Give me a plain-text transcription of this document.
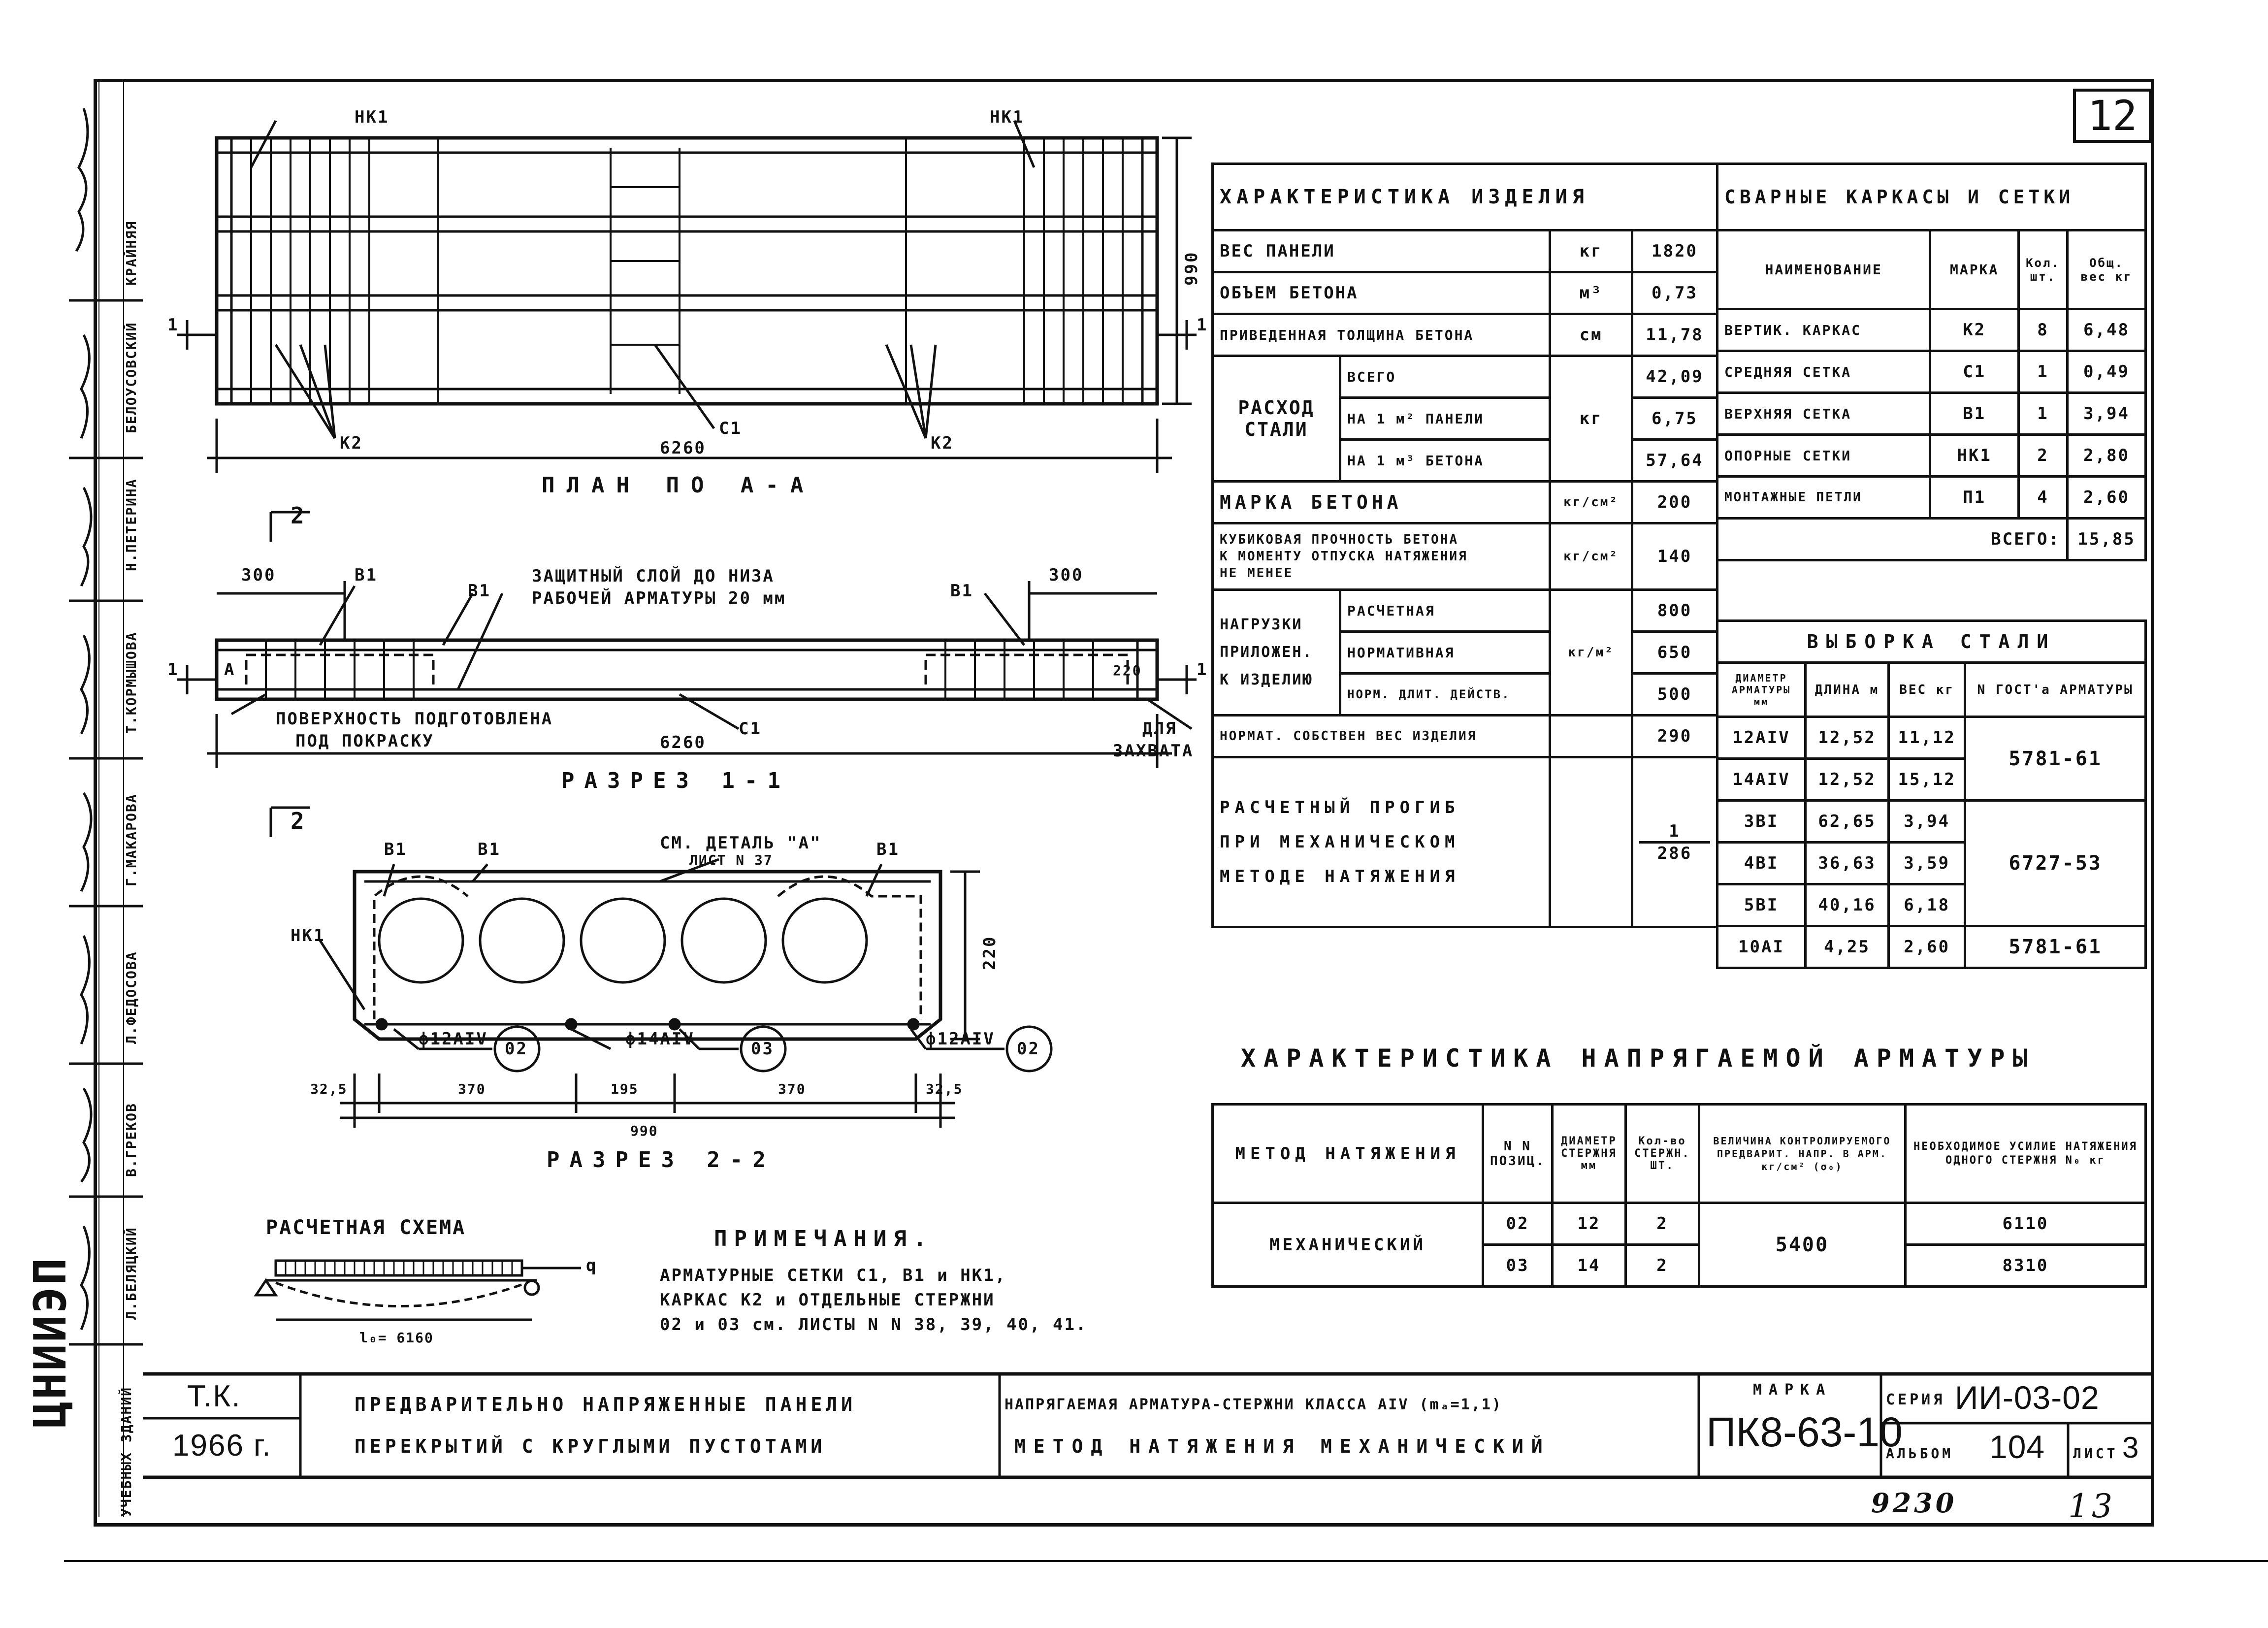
12
ЦНИИЭП
УЧЕБНЫХ ЗДАНИЙ
КРАЙНЯЯ
БЕЛОУСОВСКИЙ
Н.ПЕТЕРИНА
Т.КОРМЫШОВА
Г.МАКАРОВА
Л.ФЕДОСОВА
В.ГРЕКОВ
Л.БЕЛЯЦКИЙ
НК1	НК1
К2	К2
С1
6260
990
1	1
ПЛАН ПО А-А
2
300	300
В1
В1	В1
ЗАЩИТНЫЙ СЛОЙ ДО НИЗА
РАБОЧЕЙ АРМАТУРЫ 20 мм
А
1	1
220
ПОВЕРХНОСТЬ ПОДГОТОВЛЕНА
ПОД ПОКРАСКУ
С1	ДЛЯ
ЗАХВАТА
6260
РАЗРЕЗ 1-1
2
В1	В1	В1
СМ. ДЕТАЛЬ "А"
ЛИСТ N 37
НК1	220
ф12АIV	ф14АIV	ф12АIV
02	03	02
32,5	370	195	370	32,5
990
РАЗРЕЗ 2-2
РАСЧЕТНАЯ СХЕМА
q
l₀= 6160
ПРИМЕЧАНИЯ.
АРМАТУРНЫЕ СЕТКИ С1, В1 и НК1,
КАРКАС К2 и ОТДЕЛЬНЫЕ СТЕРЖНИ
02 и 03 см. ЛИСТЫ N N 38, 39, 40, 41.
ХАРАКТЕРИСТИКА ИЗДЕЛИЯ			
ВЕС ПАНЕЛИ		кг	1820
ОБЪЕМ БЕТОНА		м³	0,73
ПРИВЕДЕННАЯ ТОЛЩИНА БЕТОНА		см	11,78
РАСХОД
СТАЛИ	ВСЕГО	кг	42,09
	НА 1 м² ПАНЕЛИ		6,75
	НА 1 м³ БЕТОНА		57,64
МАРКА БЕТОНА		кг/см²	200
КУБИКОВАЯ ПРОЧНОСТЬ БЕТОНА
К МОМЕНТУ ОТПУСКА НАТЯЖЕНИЯ
НЕ МЕНЕЕ		кг/см²	140
НАГРУЗКИ
ПРИЛОЖЕН.
К ИЗДЕЛИЮ	РАСЧЕТНАЯ	кг/м²	800
	НОРМАТИВНАЯ		650
	НОРМ. ДЛИТ. ДЕЙСТВ.		500
НОРМАТ. СОБСТВЕН ВЕС ИЗДЕЛИЯ			290
РАСЧЕТНЫЙ ПРОГИБ
ПРИ МЕХАНИЧЕСКОМ
МЕТОДЕ НАТЯЖЕНИЯ			1
286
СВАРНЫЕ КАРКАСЫ И СЕТКИ			
НАИМЕНОВАНИЕ	МАРКА	Кол. шт.	Общ. вес кг
ВЕРТИК. КАРКАС	К2	8	6,48
СРЕДНЯЯ СЕТКА	С1	1	0,49
ВЕРХНЯЯ СЕТКА	В1	1	3,94
ОПОРНЫЕ СЕТКИ	НК1	2	2,80
МОНТАЖНЫЕ ПЕТЛИ	П1	4	2,60
ВСЕГО:			15,85
ВЫБОРКА СТАЛИ			
ДИАМЕТР АРМАТУРЫ мм	ДЛИНА м	ВЕС кг	N ГОСТ'а АРМАТУРЫ
12АIV	12,52	11,12	5781-61
14АIV	12,52	15,12	
3ВI	62,65	3,94	6727-53
4ВI	36,63	3,59	
5ВI	40,16	6,18	
10АI	4,25	2,60	5781-61
ХАРАКТЕРИСТИКА НАПРЯГАЕМОЙ АРМАТУРЫ
МЕТОД НАТЯЖЕНИЯ	N N ПОЗИЦ.	ДИАМЕТР СТЕРЖНЯ мм	Кол-во СТЕРЖН. ШТ.	ВЕЛИЧИНА КОНТРОЛИРУЕМОГО ПРЕДВАРИТ. НАПР. В АРМ. кг/см² (σ₀)	НЕОБХОДИМОЕ УСИЛИЕ НАТЯЖЕНИЯ ОДНОГО СТЕРЖНЯ N₀ кг
МЕХАНИЧЕСКИЙ	02	12	2	5400	6110
	03	14	2		8310
Т.К.
1966 г.
ПРЕДВАРИТЕЛЬНО НАПРЯЖЕННЫЕ ПАНЕЛИ
ПЕРЕКРЫТИЙ С КРУГЛЫМИ ПУСТОТАМИ
НАПРЯГАЕМАЯ АРМАТУРА-СТЕРЖНИ КЛАССА АIV (mₐ=1,1)
МЕТОД НАТЯЖЕНИЯ МЕХАНИЧЕСКИЙ
МАРКА
ПК8-63-10
СЕРИЯ ИИ-03-02
АЛЬБОМ 104 ЛИСТ 3
9230	13
